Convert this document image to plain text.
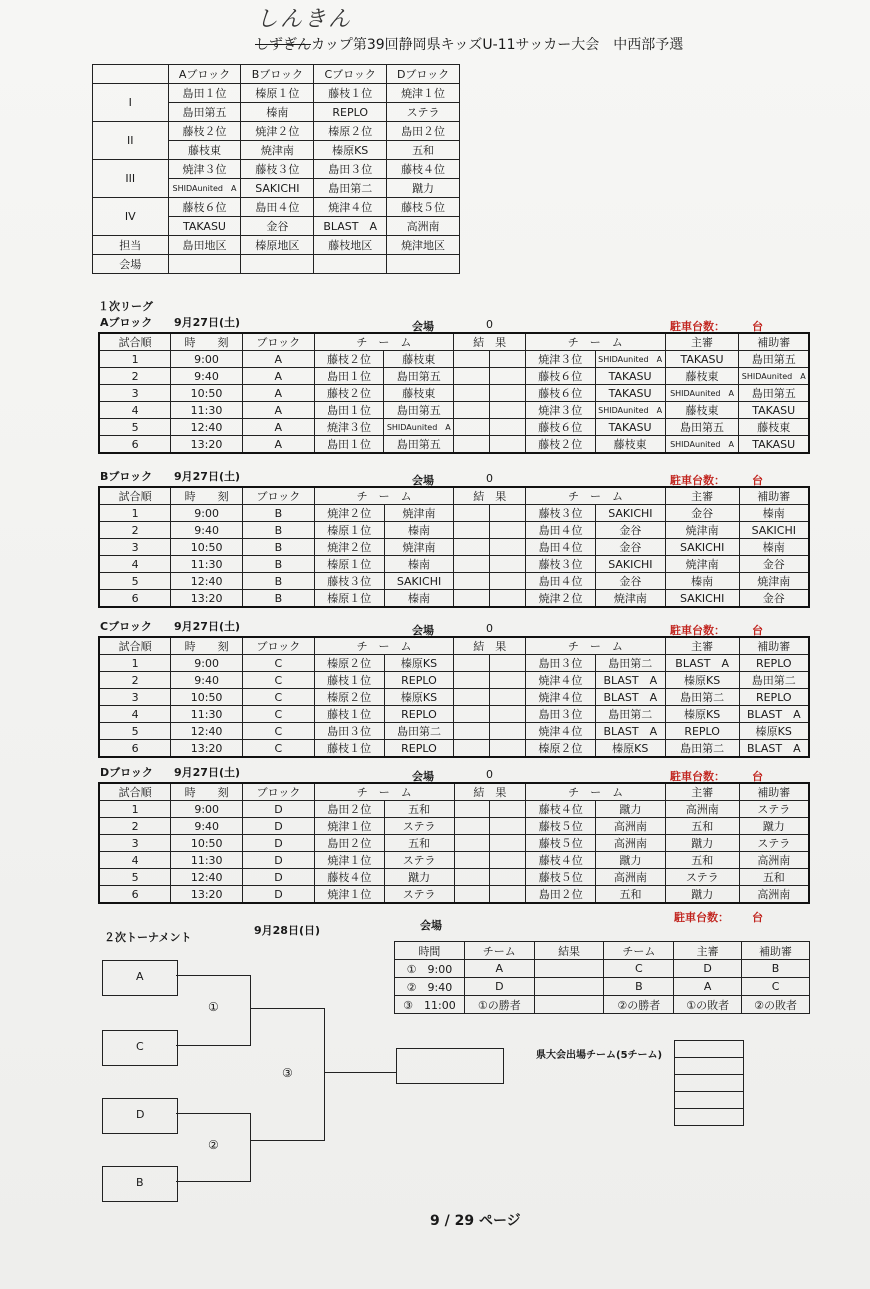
しんきん
しずぎんカップ第39回静岡県キッズU-11サッカー大会　中西部予選
	Aブロック	Bブロック	Cブロック	Dブロック
I	島田１位	榛原１位	藤枝１位	焼津１位
	島田第五	榛南	REPLO	ステラ
II	藤枝２位	焼津２位	榛原２位	島田２位
	藤枝東	焼津南	榛原KS	五和
III	焼津３位	藤枝３位	島田３位	藤枝４位
	SHIDAunited　A	SAKICHI	島田第二	蹴力
IV	藤枝６位	島田４位	焼津４位	藤枝５位
	TAKASU	金谷	BLAST　A	高洲南
担当	島田地区	榛原地区	藤枝地区	焼津地区
会場				
１次リーグ
Aブロック 9月27日(土)	会場	0	駐車台数： 台
試合順	時　　刻	ブロック	チ　ー　ム		結　果		チ　ー　ム		主審	補助審
1	9:00	A	藤枝２位	藤枝東			焼津３位	SHIDAunited　A	TAKASU	島田第五
2	9:40	A	島田１位	島田第五			藤枝６位	TAKASU	藤枝東	SHIDAunited　A
3	10:50	A	藤枝２位	藤枝東			藤枝６位	TAKASU	SHIDAunited　A	島田第五
4	11:30	A	島田１位	島田第五			焼津３位	SHIDAunited　A	藤枝東	TAKASU
5	12:40	A	焼津３位	SHIDAunited　A			藤枝６位	TAKASU	島田第五	藤枝東
6	13:20	A	島田１位	島田第五			藤枝２位	藤枝東	SHIDAunited　A	TAKASU
Bブロック 9月27日(土)	会場	0	駐車台数： 台
試合順	時　　刻	ブロック	チ　ー　ム		結　果		チ　ー　ム		主審	補助審
1	9:00	B	焼津２位	焼津南			藤枝３位	SAKICHI	金谷	榛南
2	9:40	B	榛原１位	榛南			島田４位	金谷	焼津南	SAKICHI
3	10:50	B	焼津２位	焼津南			島田４位	金谷	SAKICHI	榛南
4	11:30	B	榛原１位	榛南			藤枝３位	SAKICHI	焼津南	金谷
5	12:40	B	藤枝３位	SAKICHI			島田４位	金谷	榛南	焼津南
6	13:20	B	榛原１位	榛南			焼津２位	焼津南	SAKICHI	金谷
Cブロック 9月27日(土)	会場	0	駐車台数： 台
試合順	時　　刻	ブロック	チ　ー　ム		結　果		チ　ー　ム		主審	補助審
1	9:00	C	榛原２位	榛原KS			島田３位	島田第二	BLAST　A	REPLO
2	9:40	C	藤枝１位	REPLO			焼津４位	BLAST　A	榛原KS	島田第二
3	10:50	C	榛原２位	榛原KS			焼津４位	BLAST　A	島田第二	REPLO
4	11:30	C	藤枝１位	REPLO			島田３位	島田第二	榛原KS	BLAST　A
5	12:40	C	島田３位	島田第二			焼津４位	BLAST　A	REPLO	榛原KS
6	13:20	C	藤枝１位	REPLO			榛原２位	榛原KS	島田第二	BLAST　A
Dブロック 9月27日(土)	会場	0	駐車台数： 台
試合順	時　　刻	ブロック	チ　ー　ム		結　果		チ　ー　ム		主審	補助審
1	9:00	D	島田２位	五和			藤枝４位	蹴力	高洲南	ステラ
2	9:40	D	焼津１位	ステラ			藤枝５位	高洲南	五和	蹴力
3	10:50	D	島田２位	五和			藤枝５位	高洲南	蹴力	ステラ
4	11:30	D	焼津１位	ステラ			藤枝４位	蹴力	五和	高洲南
5	12:40	D	藤枝４位	蹴力			藤枝５位	高洲南	ステラ	五和
6	13:20	D	焼津１位	ステラ			島田２位	五和	蹴力	高洲南
２次トーナメント
9月28日(日)	会場
駐車台数： 台
時間	チーム	結果	チーム	主審	補助審
①　9:00	A		C	D	B
②　9:40	D		B	A	C
③　11:00	①の勝者		②の勝者	①の敗者	②の敗者
A
C
D
B
①
②
③
県大会出場チーム(5チーム)

9 / 29 ページ
